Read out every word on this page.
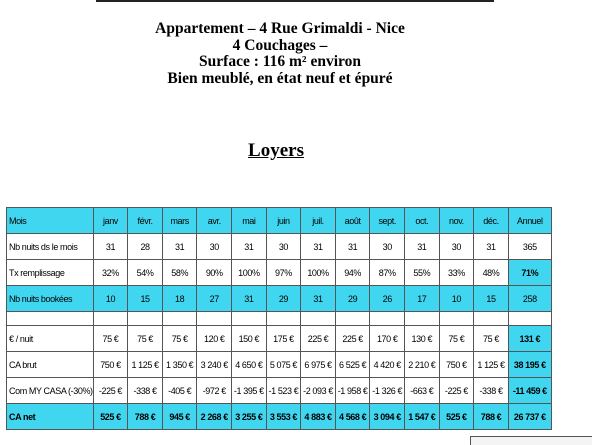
Appartement – 4 Rue Grimaldi - Nice
4 Couchages –
Surface : 116 m² environ
Bien meublé, en état neuf et épuré
Loyers
Mois	janv	févr.	mars	avr.	mai	juin	juil.	août	sept.	oct.	nov.	déc.	Annuel
Nb nuits ds le mois	31	28	31	30	31	30	31	31	30	31	30	31	365
Tx remplissage	32%	54%	58%	90%	100%	97%	100%	94%	87%	55%	33%	48%	71%
Nb nuits bookées	10	15	18	27	31	29	31	29	26	17	10	15	258

€ / nuit	75 €	75 €	75 €	120 €	150 €	175 €	225 €	225 €	170 €	130 €	75 €	75 €	131 €
CA brut	750 €	1 125 €	1 350 €	3 240 €	4 650 €	5 075 €	6 975 €	6 525 €	4 420 €	2 210 €	750 €	1 125 €	38 195 €
Com MY CASA (-30%)	-225 €	-338 €	-405 €	-972 €	-1 395 €	-1 523 €	-2 093 €	-1 958 €	-1 326 €	-663 €	-225 €	-338 €	-11 459 €
CA net	525 €	788 €	945 €	2 268 €	3 255 €	3 553 €	4 883 €	4 568 €	3 094 €	1 547 €	525 €	788 €	26 737 €
